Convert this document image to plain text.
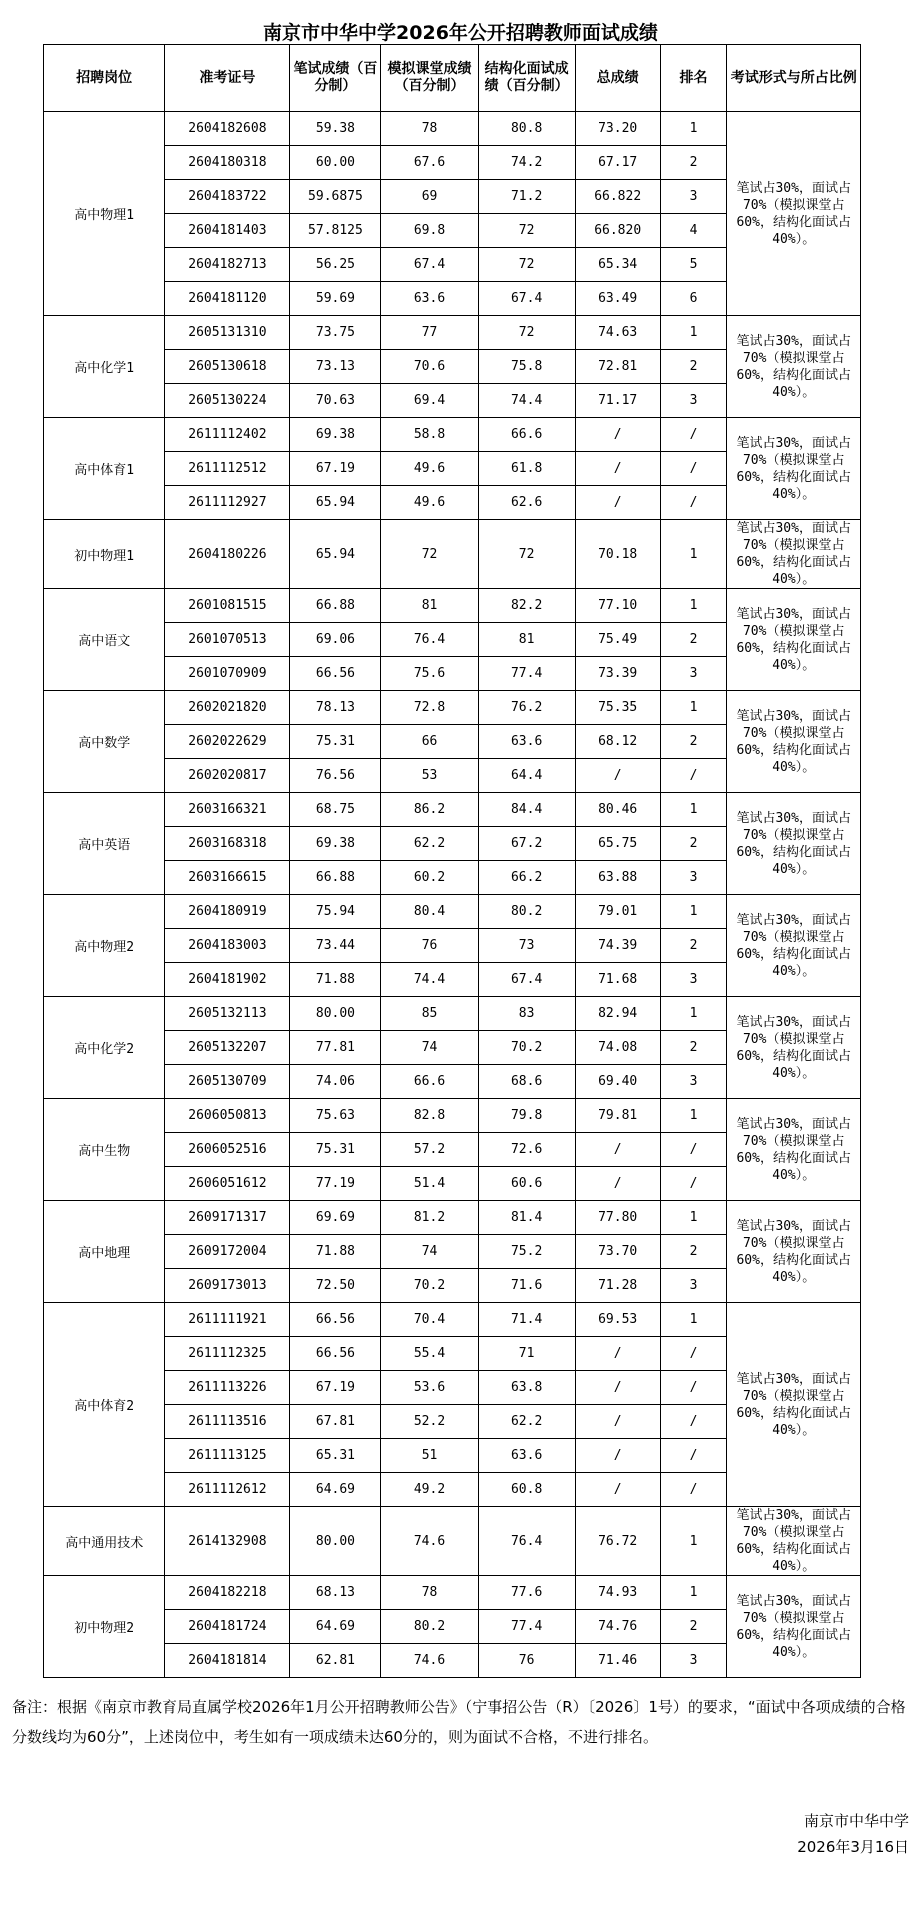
南京市中华中学2026年公开招聘教师面试成绩
招聘岗位	准考证号	笔试成绩（百分制）	模拟课堂成绩（百分制）	结构化面试成绩（百分制）	总成绩	排名	考试形式与所占比例
高中物理1	2604182608	59.38	78	80.8	73.20	1	笔试占30%，面试占70%（模拟课堂占60%，结构化面试占40%）。
	2604180318	60.00	67.6	74.2	67.17	2	
	2604183722	59.6875	69	71.2	66.822	3	
	2604181403	57.8125	69.8	72	66.820	4	
	2604182713	56.25	67.4	72	65.34	5	
	2604181120	59.69	63.6	67.4	63.49	6	
高中化学1	2605131310	73.75	77	72	74.63	1	笔试占30%，面试占70%（模拟课堂占60%，结构化面试占40%）。
	2605130618	73.13	70.6	75.8	72.81	2	
	2605130224	70.63	69.4	74.4	71.17	3	
高中体育1	2611112402	69.38	58.8	66.6	/	/	笔试占30%，面试占70%（模拟课堂占60%，结构化面试占40%）。
	2611112512	67.19	49.6	61.8	/	/	
	2611112927	65.94	49.6	62.6	/	/	
初中物理1	2604180226	65.94	72	72	70.18	1	笔试占30%，面试占70%（模拟课堂占60%，结构化面试占40%）。
高中语文	2601081515	66.88	81	82.2	77.10	1	笔试占30%，面试占70%（模拟课堂占60%，结构化面试占40%）。
	2601070513	69.06	76.4	81	75.49	2	
	2601070909	66.56	75.6	77.4	73.39	3	
高中数学	2602021820	78.13	72.8	76.2	75.35	1	笔试占30%，面试占70%（模拟课堂占60%，结构化面试占40%）。
	2602022629	75.31	66	63.6	68.12	2	
	2602020817	76.56	53	64.4	/	/	
高中英语	2603166321	68.75	86.2	84.4	80.46	1	笔试占30%，面试占70%（模拟课堂占60%，结构化面试占40%）。
	2603168318	69.38	62.2	67.2	65.75	2	
	2603166615	66.88	60.2	66.2	63.88	3	
高中物理2	2604180919	75.94	80.4	80.2	79.01	1	笔试占30%，面试占70%（模拟课堂占60%，结构化面试占40%）。
	2604183003	73.44	76	73	74.39	2	
	2604181902	71.88	74.4	67.4	71.68	3	
高中化学2	2605132113	80.00	85	83	82.94	1	笔试占30%，面试占70%（模拟课堂占60%，结构化面试占40%）。
	2605132207	77.81	74	70.2	74.08	2	
	2605130709	74.06	66.6	68.6	69.40	3	
高中生物	2606050813	75.63	82.8	79.8	79.81	1	笔试占30%，面试占70%（模拟课堂占60%，结构化面试占40%）。
	2606052516	75.31	57.2	72.6	/	/	
	2606051612	77.19	51.4	60.6	/	/	
高中地理	2609171317	69.69	81.2	81.4	77.80	1	笔试占30%，面试占70%（模拟课堂占60%，结构化面试占40%）。
	2609172004	71.88	74	75.2	73.70	2	
	2609173013	72.50	70.2	71.6	71.28	3	
高中体育2	2611111921	66.56	70.4	71.4	69.53	1	笔试占30%，面试占70%（模拟课堂占60%，结构化面试占40%）。
	2611112325	66.56	55.4	71	/	/	
	2611113226	67.19	53.6	63.8	/	/	
	2611113516	67.81	52.2	62.2	/	/	
	2611113125	65.31	51	63.6	/	/	
	2611112612	64.69	49.2	60.8	/	/	
高中通用技术	2614132908	80.00	74.6	76.4	76.72	1	笔试占30%，面试占70%（模拟课堂占60%，结构化面试占40%）。
初中物理2	2604182218	68.13	78	77.6	74.93	1	笔试占30%，面试占70%（模拟课堂占60%，结构化面试占40%）。
	2604181724	64.69	80.2	77.4	74.76	2	
	2604181814	62.81	74.6	76	71.46	3	
备注：根据《南京市教育局直属学校2026年1月公开招聘教师公告》（宁事招公告（R）〔2026〕1号）的要求，“面试中各项成绩的合格分数线均为60分”，上述岗位中，考生如有一项成绩未达60分的，则为面试不合格，不进行排名。
南京市中华中学
2026年3月16日
